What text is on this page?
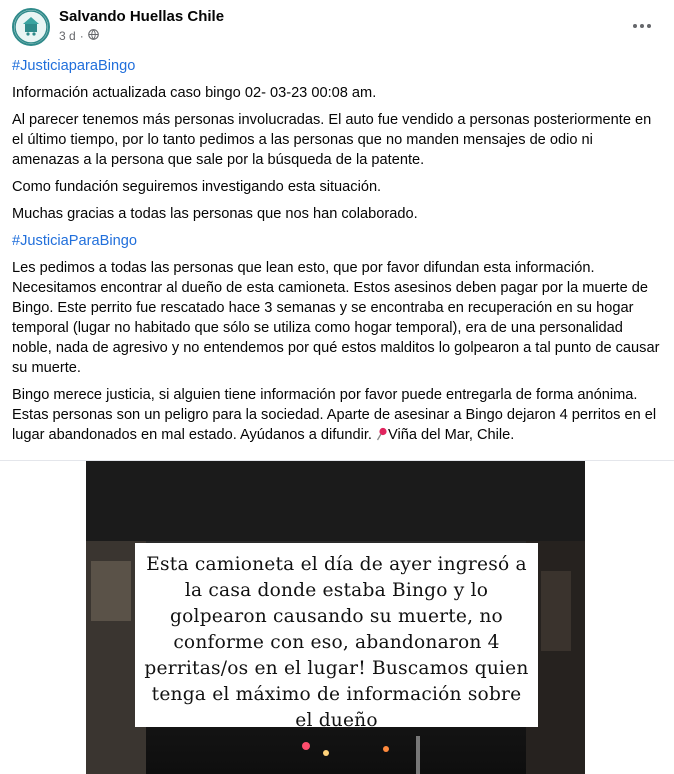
Salvando Huellas Chile
3 d ·

#JusticiaparaBingo

Información actualizada caso bingo 02- 03-23 00:08 am.

Al parecer tenemos más personas involucradas. El auto fue vendido a personas posteriormente en el último tiempo, por lo tanto pedimos a las personas que no manden mensajes de odio ni amenazas a la persona que sale por la búsqueda de la patente.

Como fundación seguiremos investigando esta situación.

Muchas gracias a todas las personas que nos han colaborado.

#JusticiaParaBingo

Les pedimos a todas las personas que lean esto, que por favor difundan esta información. Necesitamos encontrar al dueño de esta camioneta. Estos asesinos deben pagar por la muerte de Bingo. Este perrito fue rescatado hace 3 semanas y se encontraba en recuperación en su hogar temporal (lugar no habitado que sólo se utiliza como hogar temporal), era de una personalidad noble, nada de agresivo y no entendemos por qué estos malditos lo golpearon a tal punto de causar su muerte.

Bingo merece justicia, si alguien tiene información por favor puede entregarla de forma anónima. Estas personas son un peligro para la sociedad. Aparte de asesinar a Bingo dejaron 4 perritos en el lugar abandonados en mal estado. Ayúdanos a difundir. Viña del Mar, Chile.

Esta camioneta el día de ayer ingresó a la casa donde estaba Bingo y lo golpearon causando su muerte, no conforme con eso, abandonaron 4 perritas/os en el lugar! Buscamos quien tenga el máximo de información sobre el dueño
